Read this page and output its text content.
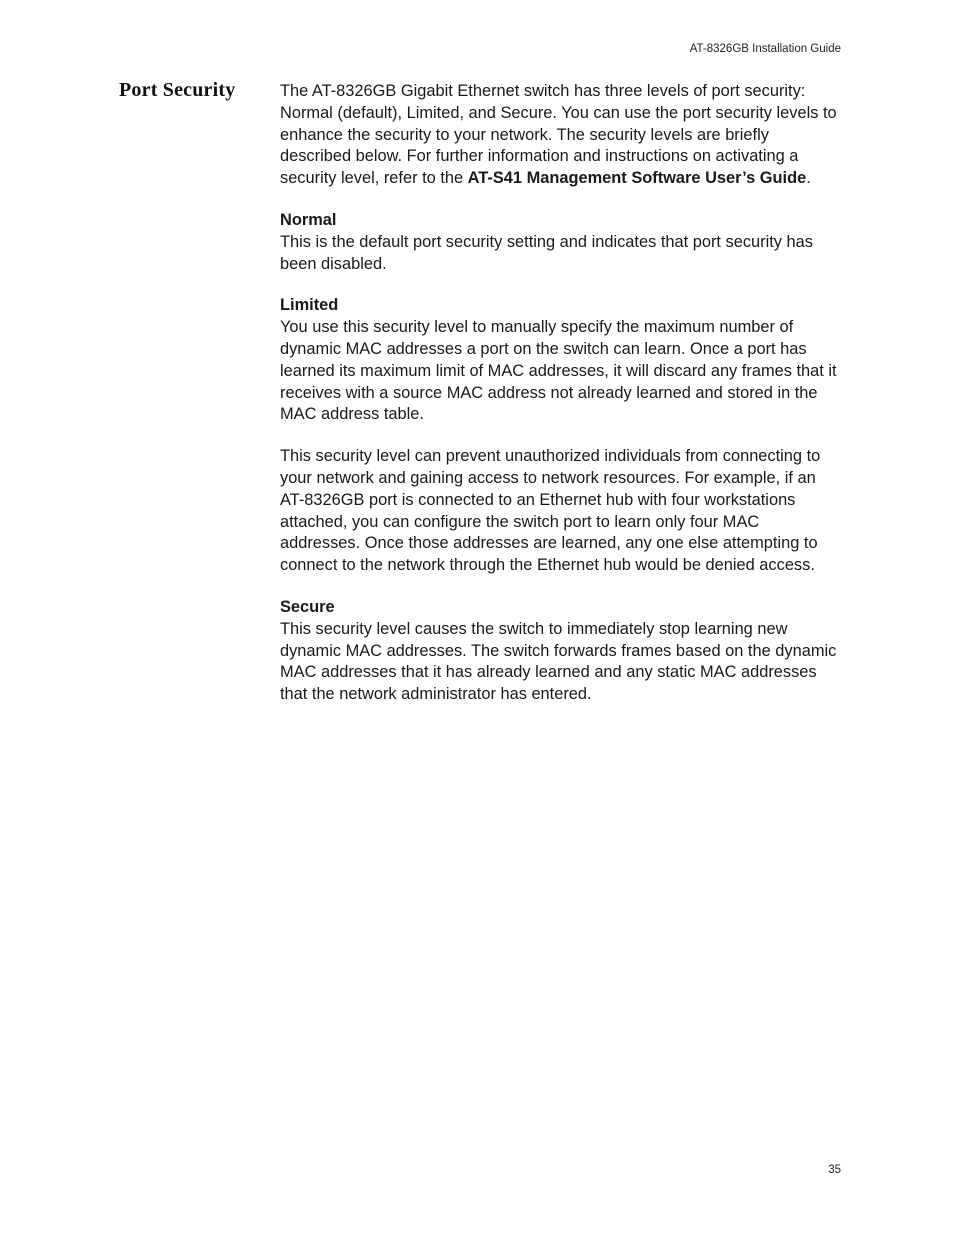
AT-8326GB Installation Guide
Port Security	The AT-8326GB Gigabit Ethernet switch has three levels of port security: Normal (default), Limited, and Secure. You can use the port security levels to enhance the security to your network. The security levels are briefly described below. For further information and instructions on activating a security level, refer to the AT-S41 Management Software User’s Guide.

Normal

This is the default port security setting and indicates that port security has been disabled.

Limited

You use this security level to manually specify the maximum number of dynamic MAC addresses a port on the switch can learn. Once a port has learned its maximum limit of MAC addresses, it will discard any frames that it receives with a source MAC address not already learned and stored in the MAC address table.

This security level can prevent unauthorized individuals from connecting to your network and gaining access to network resources. For example, if an AT-8326GB port is connected to an Ethernet hub with four workstations attached, you can configure the switch port to learn only four MAC addresses. Once those addresses are learned, any one else attempting to connect to the network through the Ethernet hub would be denied access.

Secure

This security level causes the switch to immediately stop learning new dynamic MAC addresses. The switch forwards frames based on the dynamic MAC addresses that it has already learned and any static MAC addresses that the network administrator has entered.

35
